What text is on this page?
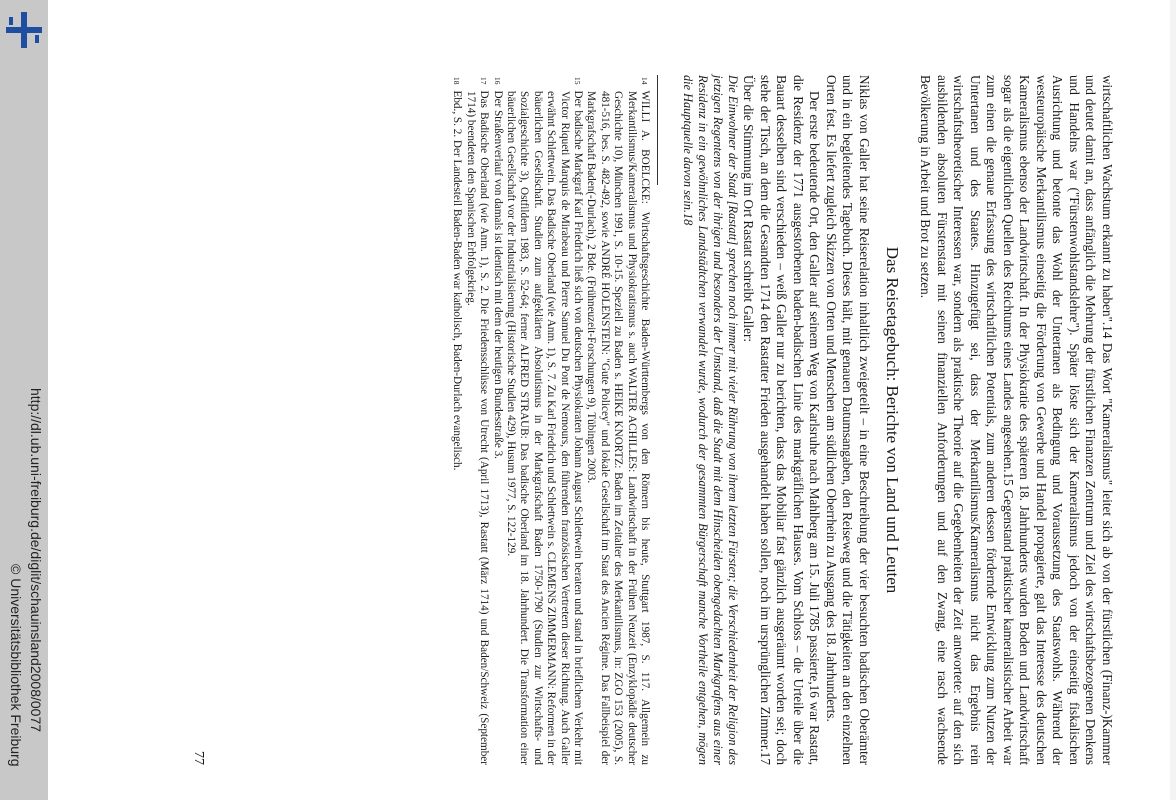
http://dl.ub.uni-freiburg.de/diglit/schauinsland2008/0077
© Universitätsbibliothek Freiburg	wirtschaftlichen Wachstum erkannt zu haben".14 Das Wort "Kameralismus" leitet sich ab von der fürstlichen (Finanz-)Kammer und deutet damit an, dass anfänglich die Mehrung der fürstlichen Finanzen Zentrum und Ziel des wirtschaftsbezogenen Denkens und Handelns war ("Fürstenwohlstandslehre"). Später löste sich der Kameralismus jedoch von der einseitig fiskalischen Ausrichtung und betonte das Wohl der Untertanen als Bedingung und Voraussetzung des Staatswohls. Während der westeuropäische Merkantilismus einseitig die Förderung von Gewerbe und Handel propagierte, galt das Interesse des deutschen Kameralismus ebenso der Landwirtschaft. In der Physiokratie des späteren 18. Jahrhunderts wurden Boden und Landwirtschaft sogar als die eigentlichen Quellen des Reichtums eines Landes angesehen.15 Gegenstand praktischer kameralistischer Arbeit war zum einen die genaue Erfassung des wirtschaftlichen Potentials, zum anderen dessen fördernde Entwicklung zum Nutzen der Untertanen und des Staates. Hinzugefügt sei, dass der Merkantilismus/Kameralismus nicht das Ergebnis rein wirtschaftstheoretischer Interessen war, sondern als praktische Theorie auf die Gegebenheiten der Zeit antwortete: auf den sich ausbildenden absoluten Fürstenstaat mit seinen finanziellen Anforderungen und auf den Zwang, eine rasch wachsende Bevölkerung in Arbeit und Brot zu setzen.

Das Reisetagebuch: Berichte von Land und Leuten

Niklas von Galler hat seine Reiserelation inhaltlich zweigeteilt – in eine Beschreibung der vier besuchten badischen Oberämter und in ein begleitendes Tagebuch. Dieses hält, mit genauen Datumsangaben, den Reiseweg und die Tätigkeiten an den einzelnen Orten fest. Es liefert zugleich Skizzen von Orten und Menschen am südlichen Oberrhein zu Ausgang des 18. Jahrhunderts.

Der erste bedeutende Ort, den Galler auf seinem Weg von Karlsruhe nach Mahlberg am 15. Juli 1785 passierte,16 war Rastatt, die Residenz der 1771 ausgestorbenen baden-badischen Linie des markgräflichen Hauses. Vom Schloss – die Urteile über die Bauart desselben sind verschieden – weiß Galler nur zu berichten, dass das Mobiliar fast gänzlich ausgeräumt worden sei; doch stehe der Tisch, an dem die Gesandten 1714 den Rastatter Frieden ausgehandelt haben sollen, noch im ursprünglichen Zimmer.17 Über die Stimmung im Ort Rastatt schreibt Galler:

Die Einwohner der Stadt [Rastatt] sprechen noch immer mit vieler Rührung von ihrem letzten Fürsten; die Verschiedenheit der Religion des jetzigen Regentens von der ihrigen und besonders der Umstand, daß die Stadt mit dem Hinscheiden obengedachten Markgrafens aus einer Residenz in ein gewöhnliches Landstädtchen verwandelt wurde, wodurch der gesammten Bürgerschaft manche Vortheile entgehen, mögen die Hauptquelle davon sein.18

$^{14}$WILLI A. BOELCKE: Wirtschaftsgeschichte Baden-Württembergs von den Römern bis heute, Stuttgart 1987, S. 117. Allgemein zu Merkantilismus/Kameralismus und Physiokratismus s. auch WALTER ACHILLES: Landwirtschaft in der Frühen Neuzeit (Enzyklopädie deutscher Geschichte 10), München 1991, S. 10-15. Speziell zu Baden s. HEIKE KNORTZ: Baden im Zeitalter des Merkantilismus, in: ZGO 153 (2005), S. 481-516, bes. S. 482-492, sowie ANDRÉ HOLENSTEIN: "Gute Policey" und lokale Gesellschaft im Staat des Ancien Régime. Das Fallbeispiel der Markgrafschaft Baden(-Durlach), 2 Bde. (Frühneuzeit-Forschungen 9), Tübingen 2003.

$^{15}$Der badische Markgraf Karl Friedrich ließ sich von deutschen Physiokraten Johann August Schlettwein beraten und stand in brieflichem Verkehr mit Victor Riqueti Marquis de Mirabeau und Pierre Samuel Du Pont de Nemours, den führenden französischen Vertretern dieser Richtung. Auch Galler erwähnt Schlettwein. Das Badische Oberland (wie Anm. 1), S. 7. Zu Karl Friedrich und Schlettwein s. CLEMENS ZIMMERMANN: Reformen in der bäuerlichen Gesellschaft. Studien zum aufgeklärten Absolutismus in der Markgrafschaft Baden 1750-1790 (Studien zur Wirtschafts- und Sozialgeschichte 3), Ostfildern 1983, S. 52-64; ferner ALFRED STRAUB: Das badische Oberland im 18. Jahrhundert. Die Transformation einer bäuerlichen Gesellschaft vor der Industrialisierung (Historische Studien 429), Husum 1977, S. 122-129.

$^{16}$Der Straßenverlauf von damals ist identisch mit dem der heutigen Bundesstraße 3.

$^{17}$Das Badische Oberland (wie Anm. 1), S. 2. Die Friedensschlüsse von Utrecht (April 1713), Rastatt (März 1714) und Baden/Schweiz (September 1714) beendeten den Spanischen Erbfolgekrieg.

$^{18}$Ebd., S. 2. Der Landesteil Baden-Baden war katholisch, Baden-Durlach evangelisch.

77
